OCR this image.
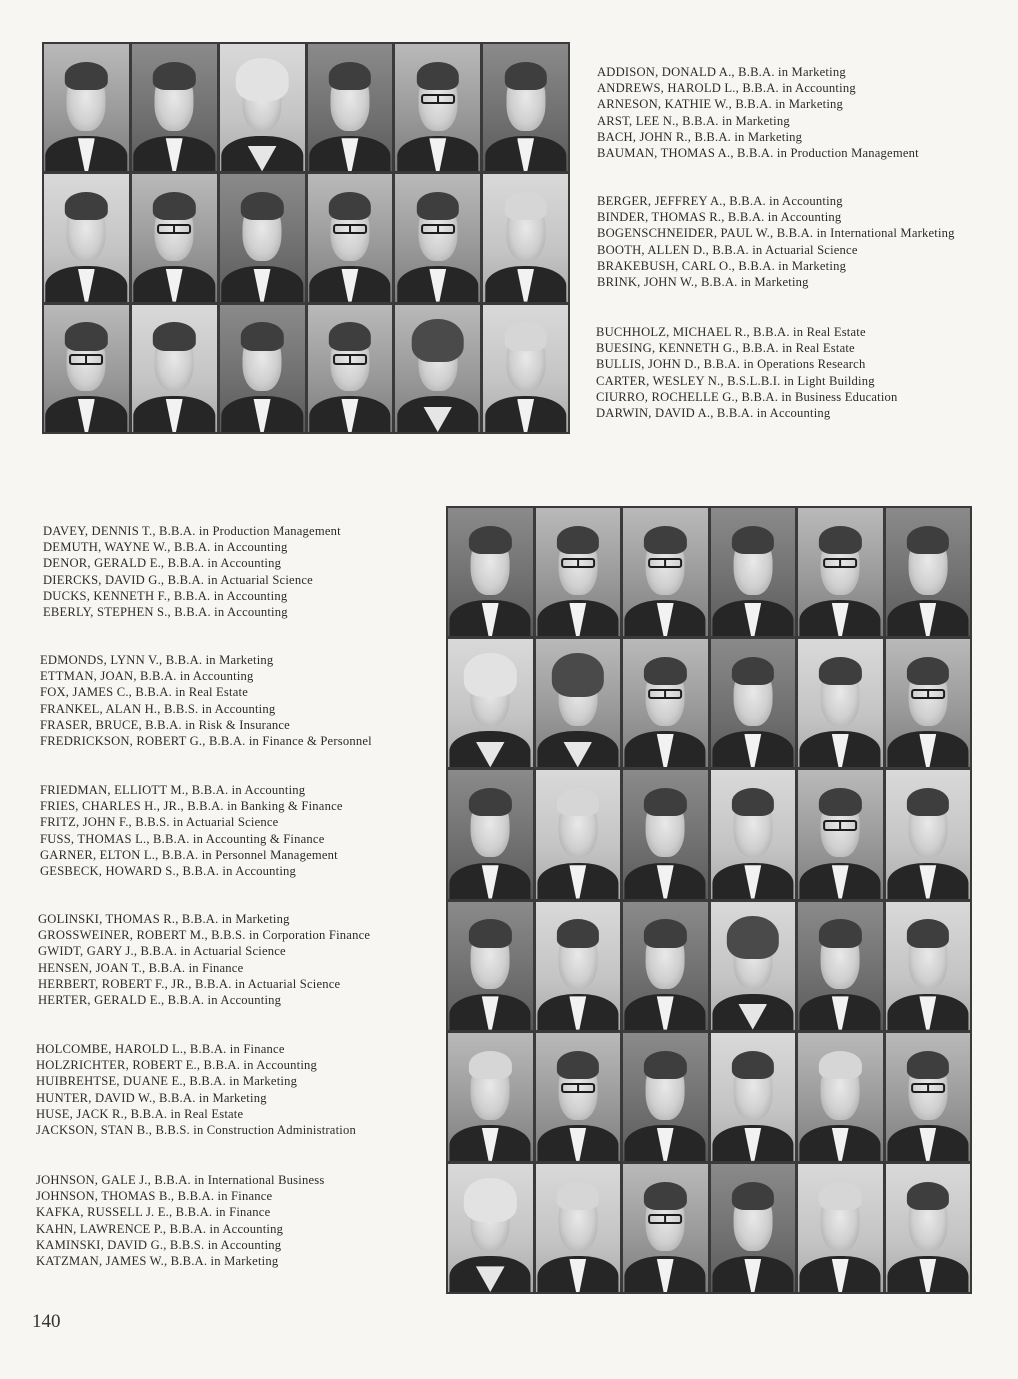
ADDISON, DONALD A., B.B.A. in Marketing
ANDREWS, HAROLD L., B.B.A. in Accounting
ARNESON, KATHIE W., B.B.A. in Marketing
ARST, LEE N., B.B.A. in Marketing
BACH, JOHN R., B.B.A. in Marketing
BAUMAN, THOMAS A., B.B.A. in Production Management
BERGER, JEFFREY A., B.B.A. in Accounting
BINDER, THOMAS R., B.B.A. in Accounting
BOGENSCHNEIDER, PAUL W., B.B.A. in International Marketing
BOOTH, ALLEN D., B.B.A. in Actuarial Science
BRAKEBUSH, CARL O., B.B.A. in Marketing
BRINK, JOHN W., B.B.A. in Marketing
BUCHHOLZ, MICHAEL R., B.B.A. in Real Estate
BUESING, KENNETH G., B.B.A. in Real Estate
BULLIS, JOHN D., B.B.A. in Operations Research
CARTER, WESLEY N., B.S.L.B.I. in Light Building
CIURRO, ROCHELLE G., B.B.A. in Business Education
DARWIN, DAVID A., B.B.A. in Accounting
DAVEY, DENNIS T., B.B.A. in Production Management
DEMUTH, WAYNE W., B.B.A. in Accounting
DENOR, GERALD E., B.B.A. in Accounting
DIERCKS, DAVID G., B.B.A. in Actuarial Science
DUCKS, KENNETH F., B.B.A. in Accounting
EBERLY, STEPHEN S., B.B.A. in Accounting
EDMONDS, LYNN V., B.B.A. in Marketing
ETTMAN, JOAN, B.B.A. in Accounting
FOX, JAMES C., B.B.A. in Real Estate
FRANKEL, ALAN H., B.B.S. in Accounting
FRASER, BRUCE, B.B.A. in Risk & Insurance
FREDRICKSON, ROBERT G., B.B.A. in Finance & Personnel
FRIEDMAN, ELLIOTT M., B.B.A. in Accounting
FRIES, CHARLES H., JR., B.B.A. in Banking & Finance
FRITZ, JOHN F., B.B.S. in Actuarial Science
FUSS, THOMAS L., B.B.A. in Accounting & Finance
GARNER, ELTON L., B.B.A. in Personnel Management
GESBECK, HOWARD S., B.B.A. in Accounting
GOLINSKI, THOMAS R., B.B.A. in Marketing
GROSSWEINER, ROBERT M., B.B.S. in Corporation Finance
GWIDT, GARY J., B.B.A. in Actuarial Science
HENSEN, JOAN T., B.B.A. in Finance
HERBERT, ROBERT F., JR., B.B.A. in Actuarial Science
HERTER, GERALD E., B.B.A. in Accounting
HOLCOMBE, HAROLD L., B.B.A. in Finance
HOLZRICHTER, ROBERT E., B.B.A. in Accounting
HUIBREHTSE, DUANE E., B.B.A. in Marketing
HUNTER, DAVID W., B.B.A. in Marketing
HUSE, JACK R., B.B.A. in Real Estate
JACKSON, STAN B., B.B.S. in Construction Administration
JOHNSON, GALE J., B.B.A. in International Business
JOHNSON, THOMAS B., B.B.A. in Finance
KAFKA, RUSSELL J. E., B.B.A. in Finance
KAHN, LAWRENCE P., B.B.A. in Accounting
KAMINSKI, DAVID G., B.B.S. in Accounting
KATZMAN, JAMES W., B.B.A. in Marketing
140
